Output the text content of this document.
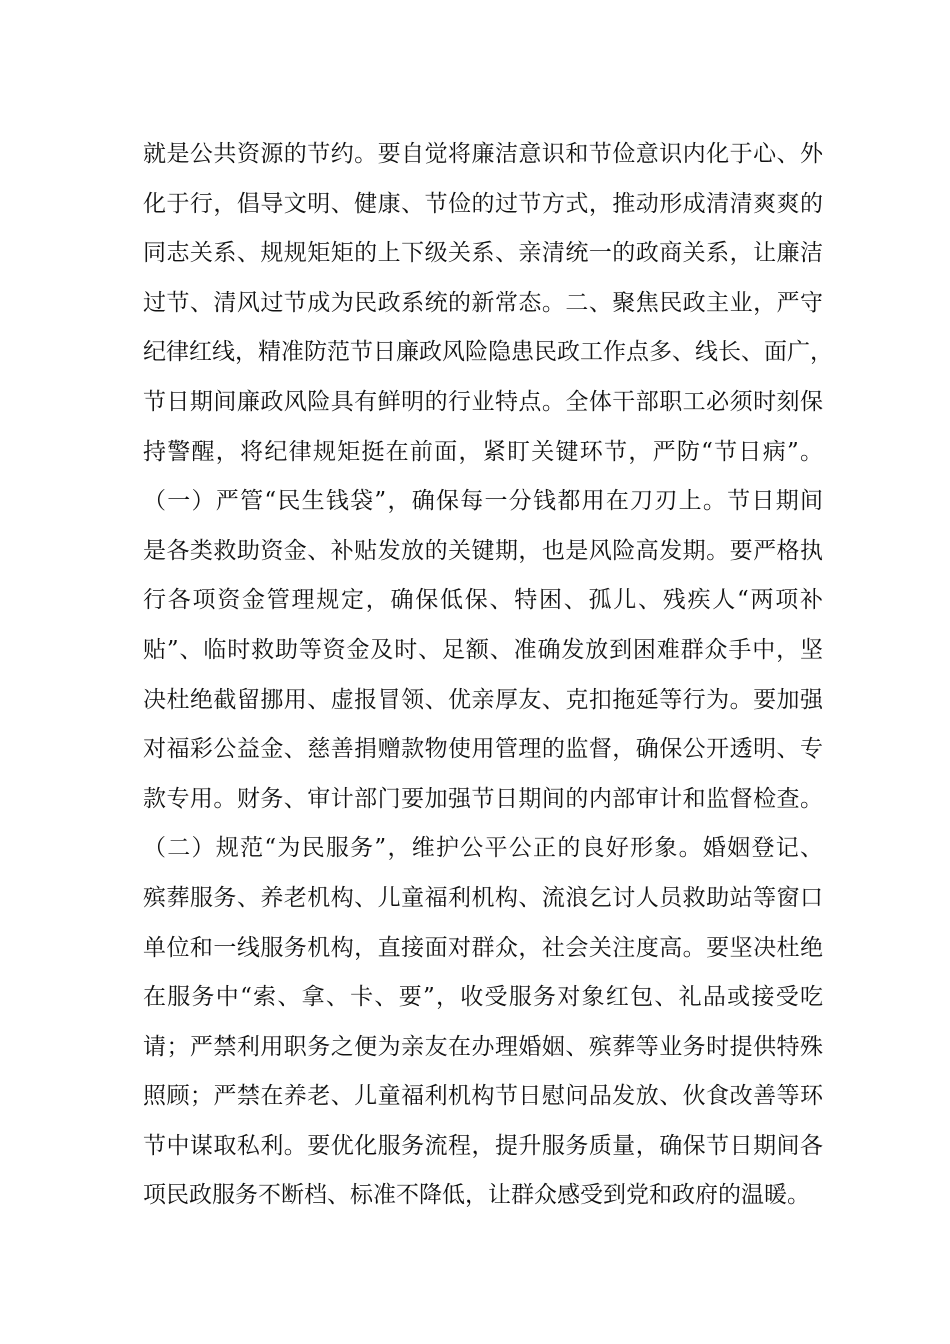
就是公共资源的节约。要自觉将廉洁意识和节俭意识内化于心、外
化于行，倡导文明、健康、节俭的过节方式，推动形成清清爽爽的
同志关系、规规矩矩的上下级关系、亲清统一的政商关系，让廉洁
过节、清风过节成为民政系统的新常态。二、聚焦民政主业，严守
纪律红线，精准防范节日廉政风险隐患民政工作点多、线长、面广，
节日期间廉政风险具有鲜明的行业特点。全体干部职工必须时刻保
持警醒，将纪律规矩挺在前面，紧盯关键环节，严防“节日病”。
（一）严管“民生钱袋”，确保每一分钱都用在刀刃上。节日期间
是各类救助资金、补贴发放的关键期，也是风险高发期。要严格执
行各项资金管理规定，确保低保、特困、孤儿、残疾人“两项补
贴”、临时救助等资金及时、足额、准确发放到困难群众手中，坚
决杜绝截留挪用、虚报冒领、优亲厚友、克扣拖延等行为。要加强
对福彩公益金、慈善捐赠款物使用管理的监督，确保公开透明、专
款专用。财务、审计部门要加强节日期间的内部审计和监督检查。
（二）规范“为民服务”，维护公平公正的良好形象。婚姻登记、
殡葬服务、养老机构、儿童福利机构、流浪乞讨人员救助站等窗口
单位和一线服务机构，直接面对群众，社会关注度高。要坚决杜绝
在服务中“索、拿、卡、要”，收受服务对象红包、礼品或接受吃
请；严禁利用职务之便为亲友在办理婚姻、殡葬等业务时提供特殊
照顾；严禁在养老、儿童福利机构节日慰问品发放、伙食改善等环
节中谋取私利。要优化服务流程，提升服务质量，确保节日期间各
项民政服务不断档、标准不降低，让群众感受到党和政府的温暖。
